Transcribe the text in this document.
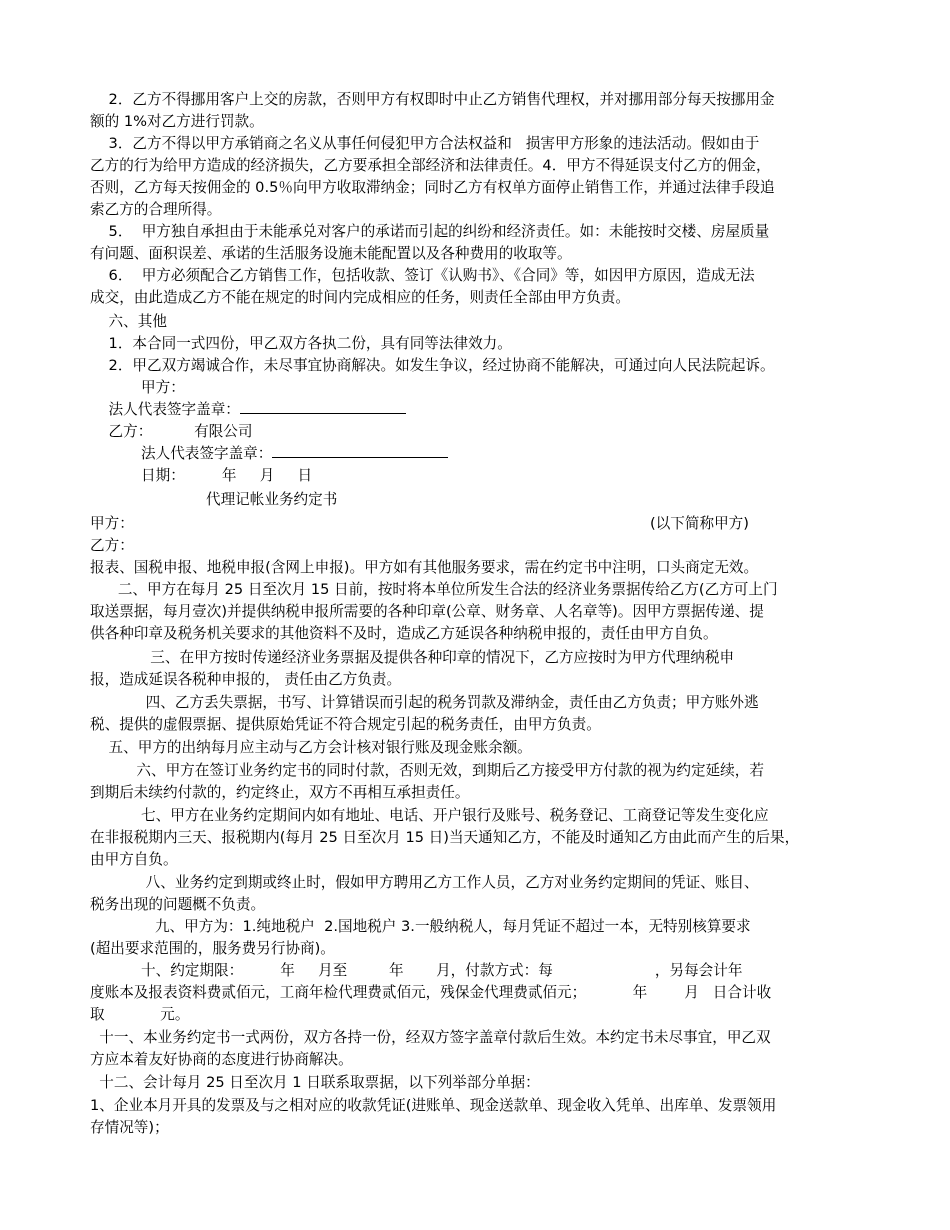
2．乙方不得挪用客户上交的房款，否则甲方有权即时中止乙方销售代理权，并对挪用部分每天按挪用金
额的 1%对乙方进行罚款。
3．乙方不得以甲方承销商之名义从事任何侵犯甲方合法权益和   损害甲方形象的违法活动。假如由于
乙方的行为给甲方造成的经济损失，乙方要承担全部经济和法律责任。4．甲方不得延误支付乙方的佣金，
否则，乙方每天按佣金的 0.5％向甲方收取滞纳金；同时乙方有权单方面停止销售工作，并通过法律手段追
索乙方的合理所得。
5．  甲方独自承担由于未能承兑对客户的承诺而引起的纠纷和经济责任。如：未能按时交楼、房屋质量
有问题、面积误差、承诺的生活服务设施未能配置以及各种费用的收取等。
6．  甲方必须配合乙方销售工作，包括收款、签订《认购书》、《合同》等，如因甲方原因，造成无法
成交，由此造成乙方不能在规定的时间内完成相应的任务，则责任全部由甲方负责。
六、其他
1．本合同一式四份，甲乙双方各执二份，具有同等法律效力。
2．甲乙双方竭诚合作，未尽事宜协商解决。如发生争议，经过协商不能解决，可通过向人民法院起诉。
甲方：
法人代表签字盖章：
乙方：         有限公司
法人代表签字盖章：
日期：        年     月     日
代理记帐业务约定书
甲方：	(以下简称甲方)
乙方：
报表、国税申报、地税申报(含网上申报)。甲方如有其他服务要求，需在约定书中注明，口头商定无效。
二、甲方在每月 25 日至次月 15 日前，按时将本单位所发生合法的经济业务票据传给乙方(乙方可上门
取送票据，每月壹次)并提供纳税申报所需要的各种印章(公章、财务章、人名章等)。因甲方票据传递、提
供各种印章及税务机关要求的其他资料不及时，造成乙方延误各种纳税申报的，责任由甲方自负。
三、在甲方按时传递经济业务票据及提供各种印章的情况下，乙方应按时为甲方代理纳税申
报，造成延误各税种申报的， 责任由乙方负责。
四、乙方丢失票据，书写、计算错误而引起的税务罚款及滞纳金，责任由乙方负责；甲方账外逃
税、提供的虚假票据、提供原始凭证不符合规定引起的税务责任，由甲方负责。
五、甲方的出纳每月应主动与乙方会计核对银行账及现金账余额。
六、甲方在签订业务约定书的同时付款，否则无效，到期后乙方接受甲方付款的视为约定延续，若
到期后未续约付款的，约定终止，双方不再相互承担责任。
七、甲方在业务约定期间内如有地址、电话、开户银行及账号、税务登记、工商登记等发生变化应
在非报税期内三天、报税期内(每月 25 日至次月 15 日)当天通知乙方，不能及时通知乙方由此而产生的后果，
由甲方自负。
八、业务约定到期或终止时，假如甲方聘用乙方工作人员，乙方对业务约定期间的凭证、账目、
税务出现的问题概不负责。
九、甲方为：1.纯地税户  2.国地税户 3.一般纳税人，每月凭证不超过一本，无特别核算要求
(超出要求范围的，服务费另行协商)。
十、约定期限：        年     月至         年       月，付款方式：每                      ，另每会计年
度账本及报表资料费贰佰元，工商年检代理费贰佰元，残保金代理费贰佰元；          年        月   日合计收
取            元。
十一、本业务约定书一式两份，双方各持一份，经双方签字盖章付款后生效。本约定书未尽事宜，甲乙双
方应本着友好协商的态度进行协商解决。
十二、会计每月 25 日至次月 1 日联系取票据，以下列举部分单据：
1、企业本月开具的发票及与之相对应的收款凭证(进账单、现金送款单、现金收入凭单、出库单、发票领用
存情况等)；
